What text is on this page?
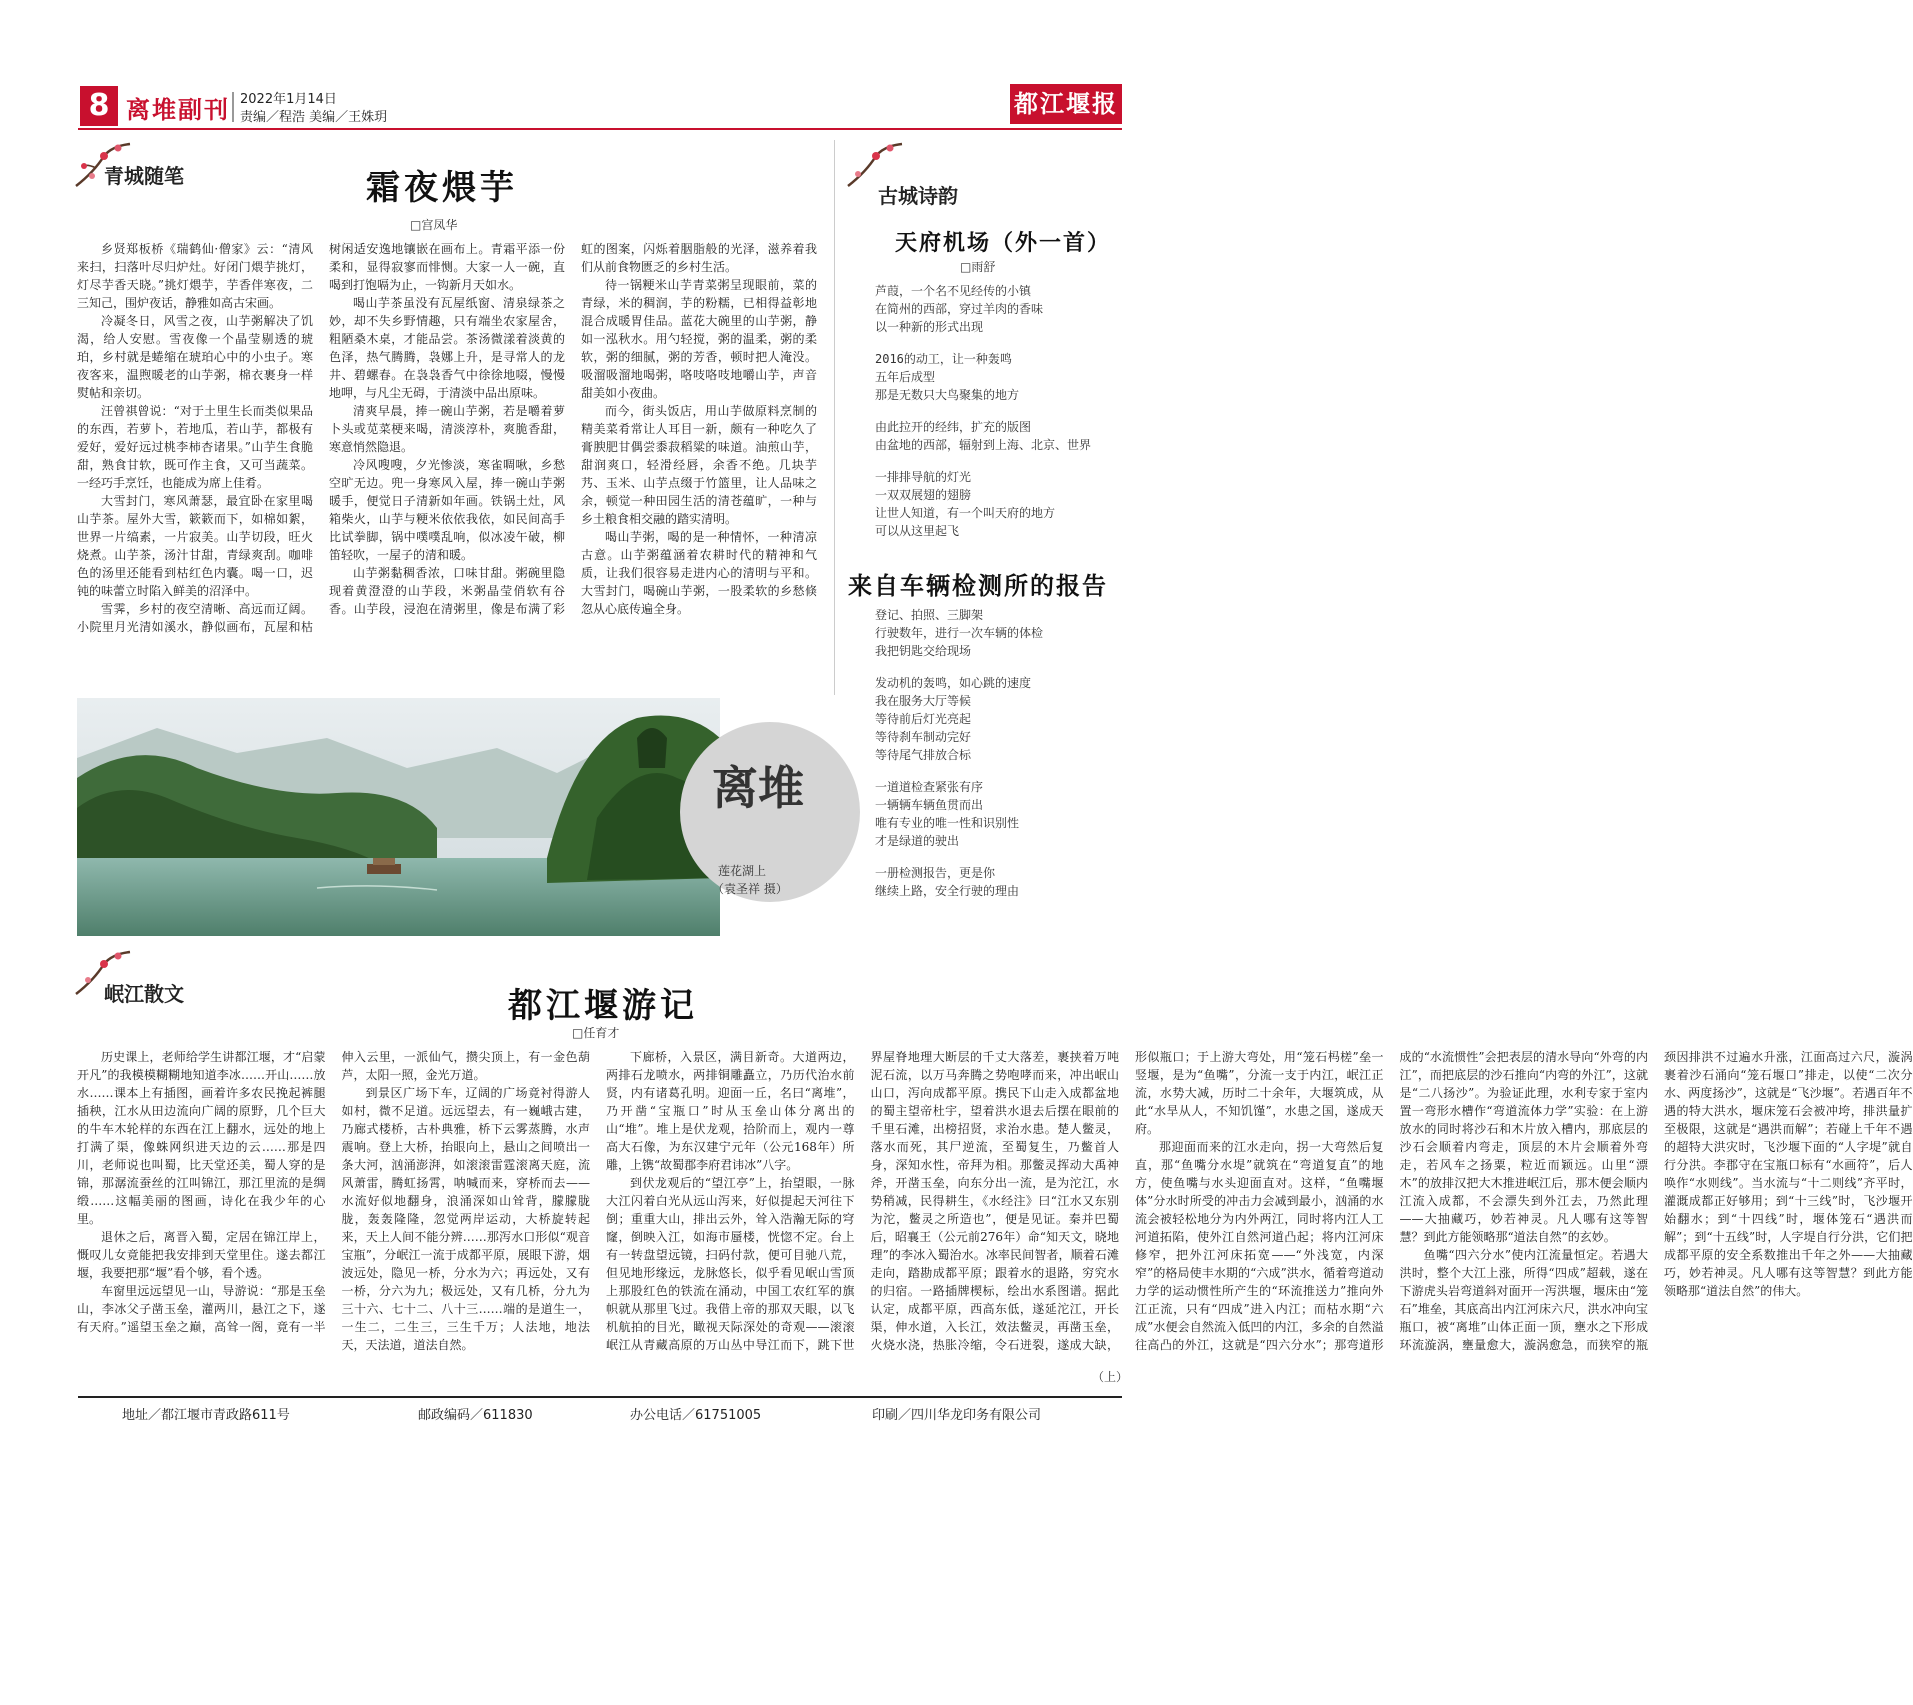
8 离堆副刊 2022年1月14日
责编／程浩 美编／王姝玥	都江堰报
青城随笔	霜夜煨芋
□宫凤华

乡贤郑板桥《瑞鹤仙·僧家》云：“清风来扫，扫落叶尽归炉灶。好闭门煨芋挑灯，灯尽芋香天晓。”挑灯煨芋，芋香伴寒夜，二三知己，围炉夜话，静雅如高古宋画。

冷凝冬日，风雪之夜，山芋粥解决了饥渴，给人安慰。雪夜像一个晶莹剔透的琥珀，乡村就是蜷缩在琥珀心中的小虫子。寒夜客来，温煦暖老的山芋粥，棉衣裹身一样熨帖和亲切。

汪曾祺曾说：“对于土里生长而类似果品的东西，若萝卜，若地瓜，若山芋，都极有爱好，爱好远过桃李柿杏诸果。”山芋生食脆甜，熟食甘软，既可作主食，又可当蔬菜。一经巧手烹饪，也能成为席上佳肴。

大雪封门，寒风萧瑟，最宜卧在家里喝山芋茶。屋外大雪，簌簌而下，如棉如絮，世界一片缟素，一片寂美。山芋切段，旺火烧煮。山芋茶，汤汁甘甜，青绿爽刮。咖啡色的汤里还能看到枯红色内囊。喝一口，迟钝的味蕾立时陷入鲜美的沼泽中。

雪霁，乡村的夜空清晰、高远而辽阔。小院里月光清如溪水，静似画布，瓦屋和枯树闲适安逸地镶嵌在画布上。青霜平添一份柔和，显得寂寥而悱恻。大家一人一碗，直喝到打饱嗝为止，一钩新月天如水。

喝山芋茶虽没有瓦屋纸窗、清泉绿茶之妙，却不失乡野情趣，只有端坐农家屋舍，粗陋桑木桌，才能品尝。茶汤微漾着淡黄的色泽，热气腾腾，袅娜上升，是寻常人的龙井、碧螺春。在袅袅香气中徐徐地啜，慢慢地呷，与凡尘无碍，于清淡中品出原味。

清爽早晨，捧一碗山芋粥，若是嚼着萝卜头或苋菜梗来喝，清淡淳朴，爽脆香甜，寒意悄然隐退。

冷风嗖嗖，夕光惨淡，寒雀啁啾，乡愁空旷无边。兜一身寒风入屋，捧一碗山芋粥暖手，便觉日子清新如年画。铁锅土灶，风箱柴火，山芋与粳米依依我依，如民间高手比试拳脚，锅中噗噗乱响，似冰凌午破，柳笛轻吹，一屋子的清和暖。

山芋粥黏稠香浓，口味甘甜。粥碗里隐现着黄澄澄的山芋段，米粥晶莹俏软有谷香。山芋段，浸泡在清粥里，像是布满了彩虹的图案，闪烁着胭脂般的光泽，滋养着我们从前食物匮乏的乡村生活。

待一锅粳米山芋青菜粥呈现眼前，菜的青绿，米的稠润，芋的粉糯，已相得益彰地混合成暖胃佳品。蓝花大碗里的山芋粥，静如一泓秋水。用勺轻搅，粥的温柔，粥的柔软，粥的细腻，粥的芳香，顿时把人淹没。吸溜吸溜地喝粥，咯吱咯吱地嚼山芋，声音甜美如小夜曲。

而今，街头饭店，用山芋做原料烹制的精美菜肴常让人耳目一新，颇有一种吃久了膏腴肥甘偶尝黍菽稻粱的味道。油煎山芋，甜润爽口，轻滑经唇，余香不绝。几块芋艿、玉米、山芋点缀于竹篮里，让人品味之余，顿觉一种田园生活的清苍蕴旷，一种与乡土粮食相交融的踏实清明。

喝山芋粥，喝的是一种情怀，一种清凉古意。山芋粥蕴涵着农耕时代的精神和气质，让我们很容易走进内心的清明与平和。大雪封门，喝碗山芋粥，一股柔软的乡愁倏忽从心底传遍全身。

古城诗韵
天府机场（外一首）
□雨舒

芦葭，一个名不见经传的小镇
在简州的西部，穿过羊肉的香味
以一种新的形式出现

2016的动工，让一种轰鸣
五年后成型
那是无数只大鸟聚集的地方

由此拉开的经纬，扩充的版图
由盆地的西部，辐射到上海、北京、世界

一排排导航的灯光
一双双展翅的翅膀
让世人知道，有一个叫天府的地方
可以从这里起飞

来自车辆检测所的报告

登记、拍照、三脚架
行驶数年，进行一次车辆的体检
我把钥匙交给现场

发动机的轰鸣，如心跳的速度
我在服务大厅等候
等待前后灯光亮起
等待刹车制动完好
等待尾气排放合标

一道道检查紧张有序
一辆辆车辆鱼贯而出
唯有专业的唯一性和识别性
才是绿道的驶出

一册检测报告，更是你
继续上路，安全行驶的理由

离堆
莲花湖上
（袁圣祥 摄）
岷江散文	都江堰游记
□任育才

历史课上，老师给学生讲都江堰，才“启蒙开凡”的我模模糊糊地知道李冰……开山……放水……课本上有插图，画着许多农民挽起裤腿插秧，江水从田边流向广阔的原野，几个巨大的牛车木轮样的东西在江上翻水，远处的地上打满了渠，像蛛网织进天边的云……那是四川，老师说也叫蜀，比天堂还美，蜀人穿的是锦，那潺流蚕丝的江叫锦江，那江里流的是绸缎……这幅美丽的图画，诗化在我少年的心里。

退休之后，离晋入蜀，定居在锦江岸上，慨叹儿女竟能把我安排到天堂里住。遂去都江堰，我要把那“堰”看个够，看个透。

车窗里远远望见一山，导游说：“那是玉垒山，李冰父子凿玉垒，灌两川，悬江之下，遂有天府。”遥望玉垒之巅，高耸一阁，竟有一半伸入云里，一派仙气，攒尖顶上，有一金色葫芦，太阳一照，金光万道。

到景区广场下车，辽阔的广场竟衬得游人如村，微不足道。远远望去，有一巍峨古建，乃廊式楼桥，古朴典雅，桥下云雾蒸腾，水声震响。登上大桥，抬眼向上，悬山之间喷出一条大河，汹涌澎湃，如滚滚雷霆滚离天庭，流风萧雷，腾虹扬霄，呐喊而来，穿桥而去——水流好似地翻身，浪涌深如山耸背，朦朦胧胧，轰轰隆隆，忽觉两岸运动，大桥旋转起来，天上人间不能分辨……那泻水口形似“观音宝瓶”，分岷江一流于成都平原，展眼下游，烟波远处，隐见一桥，分水为六；再远处，又有一桥，分六为九；极远处，又有几桥，分九为三十六、七十二、八十三……端的是道生一，一生二，二生三，三生千万；人法地，地法天，天法道，道法自然。

下廊桥，入景区，满目新奇。大道两边，两排石龙喷水，两排铜雕矗立，乃历代治水前贤，内有诸葛孔明。迎面一丘，名曰“离堆”，乃开凿“宝瓶口”时从玉垒山体分离出的山“堆”。堆上是伏龙观，拾阶而上，观内一尊高大石像，为东汉建宁元年（公元168年）所雕，上镌“故蜀郡李府君讳冰”八字。

到伏龙观后的“望江亭”上，抬望眼，一脉大江闪着白光从远山泻来，好似提起天河往下倒；重重大山，排出云外，耸入浩瀚无际的穹窿，倒映入江，如海市蜃楼，恍惚不定。台上有一转盘望远镜，扫码付款，便可目驰八荒，但见地形缘远，龙脉悠长，似乎看见岷山雪顶上那股红色的铁流在涌动，中国工农红军的旗帜就从那里飞过。我借上帝的那双天眼，以飞机航拍的目光，瞰视天际深处的奇观——滚滚岷江从青藏高原的万山丛中导江而下，跳下世界屋脊地理大断层的千丈大落差，裹挟着万吨泥石流，以万马奔腾之势咆哮而来，冲出岷山山口，泻向成都平原。携民下山走入成都盆地的蜀主望帝杜宇，望着洪水退去后摆在眼前的千里石滩，出榜招贤，求治水患。楚人鳖灵，落水而死，其尸逆流，至蜀复生，乃鳖首人身，深知水性，帝拜为相。那鳖灵挥动大禹神斧，开凿玉垒，向东分出一流，是为沱江，水势稍减，民得耕生，《水经注》曰“江水又东别为沱，鳖灵之所造也”，便是见证。秦并巴蜀后，昭襄王（公元前276年）命“知天文，晓地理”的李冰入蜀治水。冰率民间智者，顺着石滩走向，踏勘成都平原；跟着水的退路，穷究水的归宿。一路插牌楔标，绘出水系图谱。据此认定，成都平原，西高东低，遂延沱江，开长渠，伸水道，入长江，效法鳖灵，再凿玉垒，火烧水浇，热胀冷缩，令石迸裂，遂成大缺，形似瓶口；于上游大弯处，用“笼石杩槎”垒一竖堰，是为“鱼嘴”，分流一支于内江，岷江正流，水势大减，历时二十余年，大堰筑成，从此“水旱从人，不知饥馑”，水患之国，遂成天府。

那迎面而来的江水走向，拐一大弯然后复直，那“鱼嘴分水堤”就筑在“弯道复直”的地方，使鱼嘴与水头迎面直对。这样，“鱼嘴堰体”分水时所受的冲击力会减到最小，汹涌的水流会被轻松地分为内外两江，同时将内江人工河道拓陷，使外江自然河道凸起；将内江河床修窄，把外江河床拓宽——“外浅宽，内深窄”的格局使丰水期的“六成”洪水，循着弯道动力学的运动惯性所产生的“环流推送力”推向外江正流，只有“四成”进入内江；而枯水期“六成”水便会自然流入低凹的内江，多余的自然溢往高凸的外江，这就是“四六分水”；那弯道形成的“水流惯性”会把表层的清水导向“外弯的内江”，而把底层的沙石推向“内弯的外江”，这就是“二八扬沙”。为验证此理，水利专家于室内置一弯形水槽作“弯道流体力学”实验：在上游放水的同时将沙石和木片放入槽内，那底层的沙石会顺着内弯走，顶层的木片会顺着外弯走，若风车之扬粟，粒近而颖远。山里“漂木”的放排汉把大木推进岷江后，那木便会顺内江流入成都，不会漂失到外江去，乃然此理——大抽藏巧，妙若神灵。凡人哪有这等智慧？到此方能领略那“道法自然”的玄妙。

鱼嘴“四六分水”使内江流量恒定。若遇大洪时，整个大江上涨，所得“四成”超载，遂在下游虎头岩弯道斜对面开一泻洪堰，堰床由“笼石”堆垒，其底高出内江河床六尺，洪水冲向宝瓶口，被“离堆”山体正面一顶，壅水之下形成环流漩涡，壅量愈大，漩涡愈急，而狭窄的瓶颈因排洪不过遍水升涨，江面高过六尺，漩涡裹着沙石涌向“笼石堰口”排走，以使“二次分水、两度扬沙”，这就是“飞沙堰”。若遇百年不遇的特大洪水，堰床笼石会被冲垮，排洪量扩至极限，这就是“遇洪而解”；若碰上千年不遇的超特大洪灾时，飞沙堰下面的“人字堤”就自行分洪。李郡守在宝瓶口标有“水画符”，后人唤作“水则线”。当水流与“十二则线”齐平时，灌溉成都正好够用；到“十三线”时，飞沙堰开始翻水；到“十四线”时，堰体笼石“遇洪而解”；到“十五线”时，人字堤自行分洪，它们把成都平原的安全系数推出千年之外——大抽藏巧，妙若神灵。凡人哪有这等智慧？到此方能领略那“道法自然”的伟大。

（上）
地址／都江堰市青政路611号	邮政编码／611830	办公电话／61751005	印刷／四川华龙印务有限公司
